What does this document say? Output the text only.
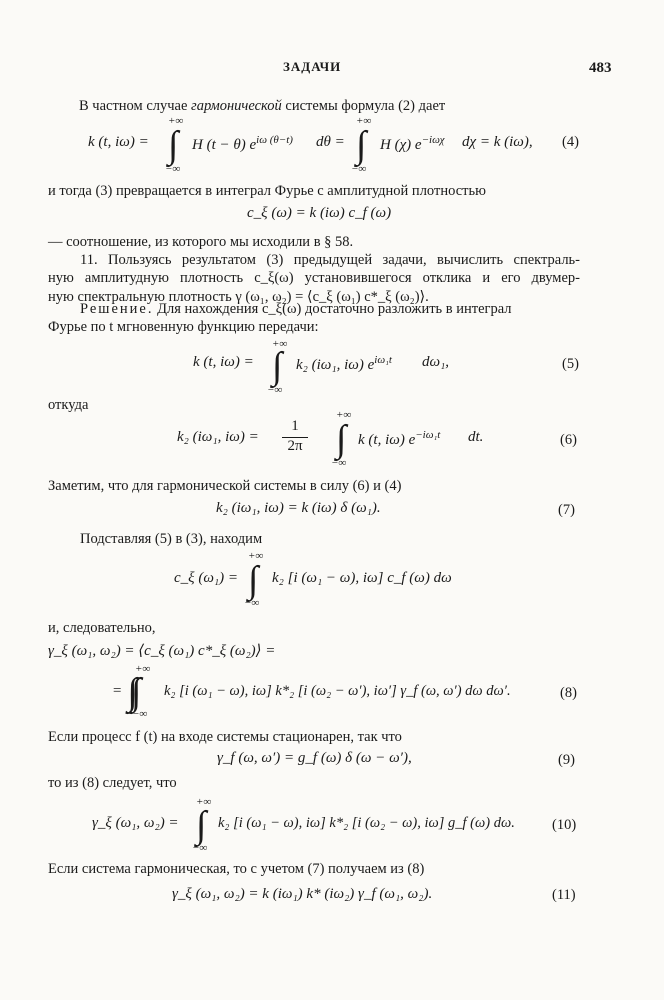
ЗАДАЧИ	483
В частном случае гармонической системы формула (2) дает
k (t, iω) =
+∞
∫
−∞
H (t − θ) $e^{i\omega (\theta-t)}$ dθ =
+∞
∫
−∞
H (χ) $e^{-i\omega\chi}$ dχ = k (iω), (4)
и тогда (3) превращается в интеграл Фурье с амплитудной плотностью
c_ξ (ω) = k (iω) c_f (ω)
— соотношение, из которого мы исходили в § 58.
11. Пользуясь результатом (3) предыдущей задачи, вычислить спектраль-
ную амплитудную плотность c_ξ(ω) установившегося отклика и его двумер-
ную спектральную плотность γ (ω₁, ω₂) = ⟨c_ξ (ω₁) c*_ξ (ω₂)⟩.
Решение. Для нахождения c_ξ(ω) достаточно разложить в интеграл
Фурье по t мгновенную функцию передачи:
k (t, iω) =
+∞
∫
−∞
k₂ (iω₁, iω) $e^{i\omega_1t}$ dω₁,	(5)
откуда
k₂ (iω₁, iω) =
1
2π
+∞
∫
−∞
k (t, iω) $e^{-i\omega_1t}$ dt.	(6)
Заметим, что для гармонической системы в силу (6) и (4)
k₂ (iω₁, iω) = k (iω) δ (ω₁).	(7)
Подставляя (5) в (3), находим
c_ξ (ω₁) =
+∞
∫
−∞
k₂ [i (ω₁ − ω), iω] c_f (ω) dω
и, следовательно,
γ_ξ (ω₁, ω₂) = ⟨c_ξ (ω₁) c*_ξ (ω₂)⟩ =
=
+∞
−∞
k₂ [i (ω₁ − ω), iω] k*₂ [i (ω₂ − ω′), iω′] γ_f (ω, ω′) dω dω′.	(8)
Если процесс f (t) на входе системы стационарен, так что
γ_f (ω, ω′) = g_f (ω) δ (ω − ω′),	(9)
то из (8) следует, что
γ_ξ (ω₁, ω₂) =
+∞
∫
−∞
k₂ [i (ω₁ − ω), iω] k*₂ [i (ω₂ − ω), iω] g_f (ω) dω.	(10)
Если система гармоническая, то с учетом (7) получаем из (8)
γ_ξ (ω₁, ω₂) = k (iω₁) k* (iω₂) γ_f (ω₁, ω₂).	(11)
